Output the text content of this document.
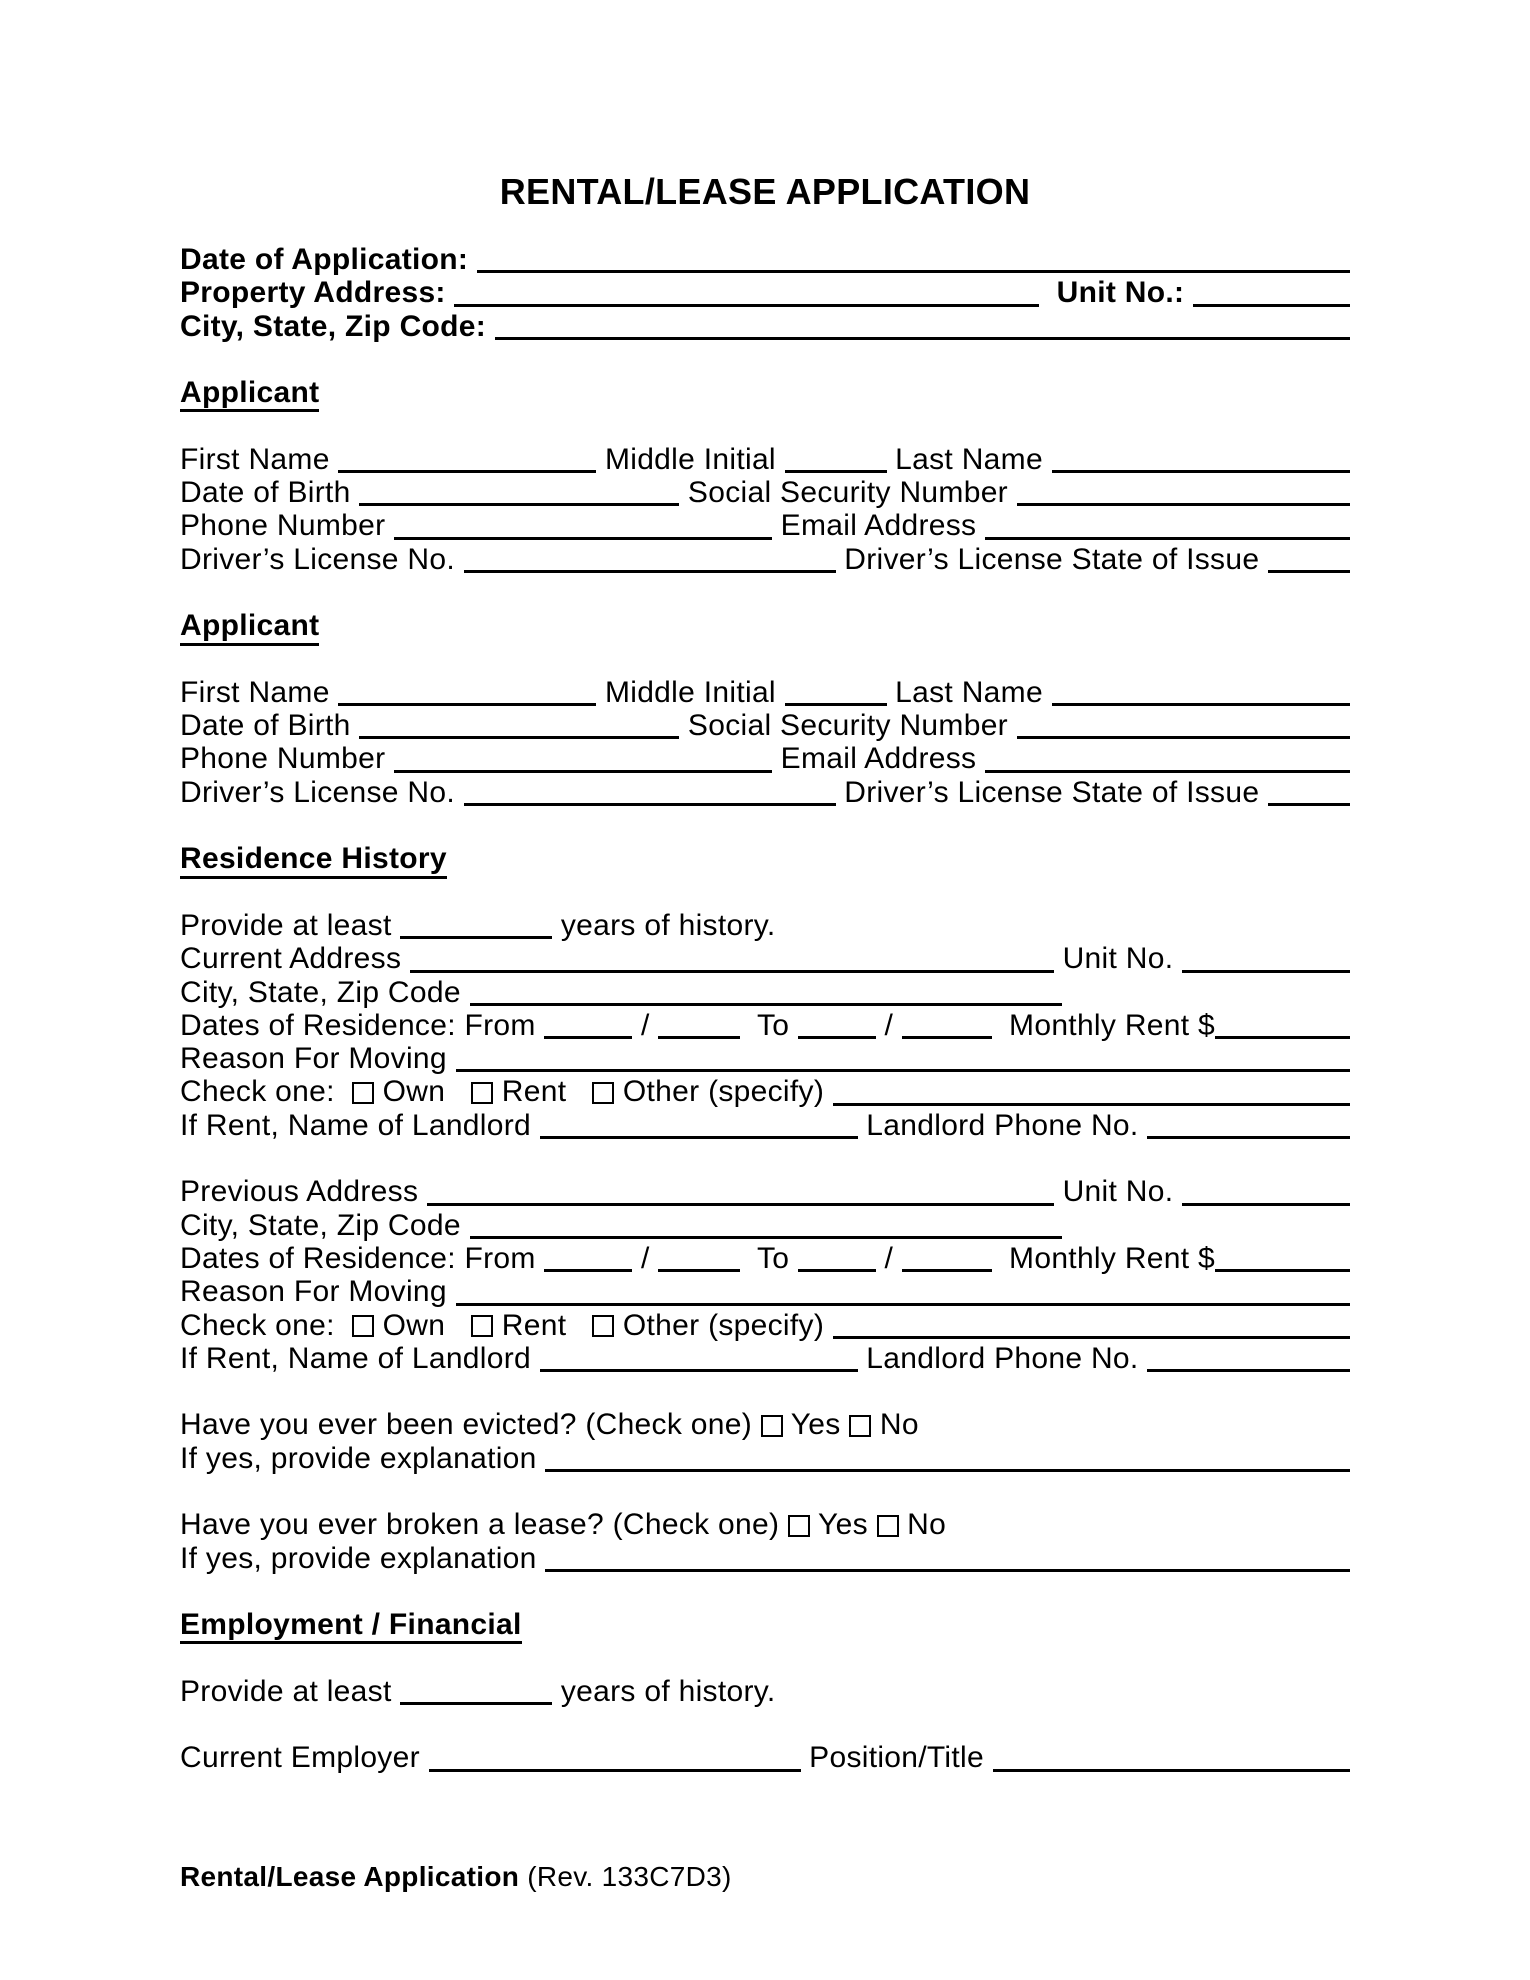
RENTAL/LEASE APPLICATION
Date of Application:
Property Address:	Unit No.:
City, State, Zip Code:
Applicant
First Name	Middle Initial	Last Name
Date of Birth	Social Security Number
Phone Number	Email Address
Driver’s License No.	Driver’s License State of Issue
Applicant
First Name	Middle Initial	Last Name
Date of Birth	Social Security Number
Phone Number	Email Address
Driver’s License No.	Driver’s License State of Issue
Residence History
Provide at least	years of history.
Current Address	Unit No.
City, State, Zip Code
Dates of Residence: From	/	To	/	Monthly Rent $
Reason For Moving
Check one: Own Rent Other (specify)
If Rent, Name of Landlord	Landlord Phone No.
Previous Address	Unit No.
City, State, Zip Code
Dates of Residence: From	/	To	/	Monthly Rent $
Reason For Moving
Check one: Own Rent Other (specify)
If Rent, Name of Landlord	Landlord Phone No.
Have you ever been evicted? (Check one) Yes No
If yes, provide explanation
Have you ever broken a lease? (Check one) Yes No
If yes, provide explanation
Employment / Financial
Provide at least	years of history.
Current Employer	Position/Title
Rental/Lease Application (Rev. 133C7D3)
